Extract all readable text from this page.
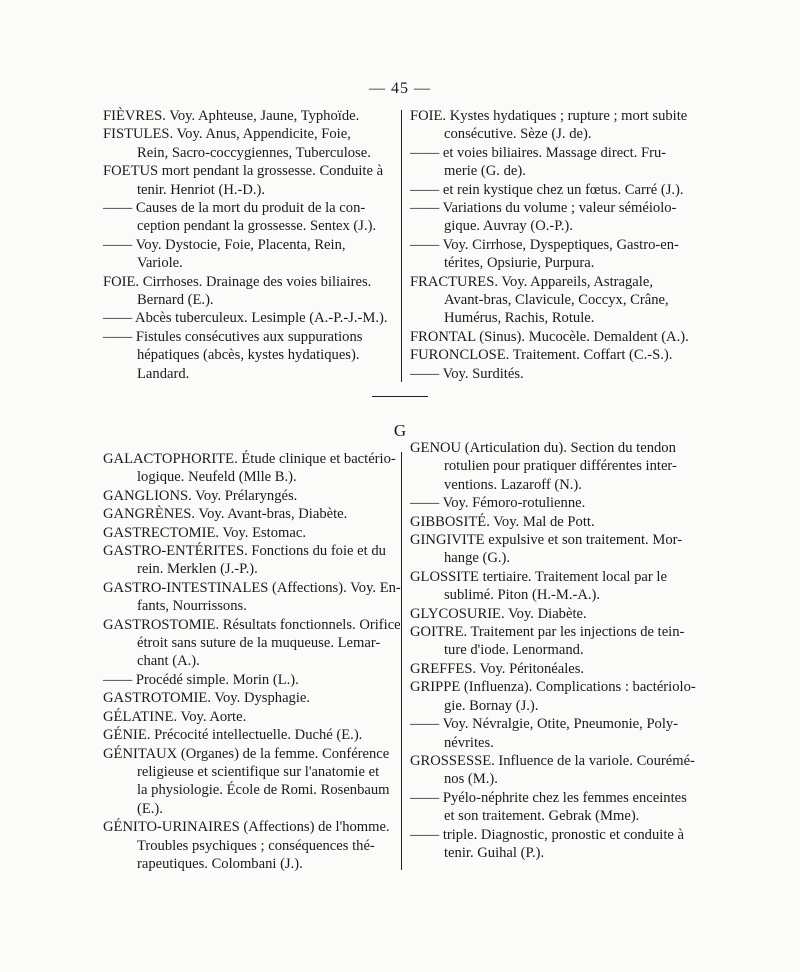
— 45 —
FIÈVRES. Voy. Aphteuse, Jaune, Typhoïde.
FISTULES. Voy. Anus, Appendicite, Foie,
Rein, Sacro-coccygiennes, Tuberculose.
FOETUS mort pendant la grossesse. Conduite à
tenir. Henriot (H.-D.).
—— Causes de la mort du produit de la con-
ception pendant la grossesse. Sentex (J.).
—— Voy. Dystocie, Foie, Placenta, Rein,
Variole.
FOIE. Cirrhoses. Drainage des voies biliaires.
Bernard (E.).
—— Abcès tuberculeux. Lesimple (A.-P.-J.-M.).
—— Fistules consécutives aux suppurations
hépatiques (abcès, kystes hydatiques).
Landard.
FOIE. Kystes hydatiques ; rupture ; mort subite
consécutive. Sèze (J. de).
—— et voies biliaires. Massage direct. Fru-
merie (G. de).
—— et rein kystique chez un fœtus. Carré (J.).
—— Variations du volume ; valeur séméiolo-
gique. Auvray (O.-P.).
—— Voy. Cirrhose, Dyspeptiques, Gastro-en-
térites, Opsiurie, Purpura.
FRACTURES. Voy. Appareils, Astragale,
Avant-bras, Clavicule, Coccyx, Crâne,
Humérus, Rachis, Rotule.
FRONTAL (Sinus). Mucocèle. Demaldent (A.).
FURONCLOSE. Traitement. Coffart (C.-S.).
—— Voy. Surdités.
G
GALACTOPHORITE. Étude clinique et bactério-
logique. Neufeld (Mlle B.).
GANGLIONS. Voy. Prélaryngés.
GANGRÈNES. Voy. Avant-bras, Diabète.
GASTRECTOMIE. Voy. Estomac.
GASTRO-ENTÉRITES. Fonctions du foie et du
rein. Merklen (J.-P.).
GASTRO-INTESTINALES (Affections). Voy. En-
fants, Nourrissons.
GASTROSTOMIE. Résultats fonctionnels. Orifice
étroit sans suture de la muqueuse. Lemar-
chant (A.).
—— Procédé simple. Morin (L.).
GASTROTOMIE. Voy. Dysphagie.
GÉLATINE. Voy. Aorte.
GÉNIE. Précocité intellectuelle. Duché (E.).
GÉNITAUX (Organes) de la femme. Conférence
religieuse et scientifique sur l'anatomie et
la physiologie. École de Romi. Rosenbaum
(E.).
GÉNITO-URINAIRES (Affections) de l'homme.
Troubles psychiques ; conséquences thé-
rapeutiques. Colombani (J.).
GENOU (Articulation du). Section du tendon
rotulien pour pratiquer différentes inter-
ventions. Lazaroff (N.).
—— Voy. Fémoro-rotulienne.
GIBBOSITÉ. Voy. Mal de Pott.
GINGIVITE expulsive et son traitement. Mor-
hange (G.).
GLOSSITE tertiaire. Traitement local par le
sublimé. Piton (H.-M.-A.).
GLYCOSURIE. Voy. Diabète.
GOITRE. Traitement par les injections de tein-
ture d'iode. Lenormand.
GREFFES. Voy. Péritonéales.
GRIPPE (Influenza). Complications : bactériolo-
gie. Bornay (J.).
—— Voy. Névralgie, Otite, Pneumonie, Poly-
névrites.
GROSSESSE. Influence de la variole. Courémé-
nos (M.).
—— Pyélo-néphrite chez les femmes enceintes
et son traitement. Gebrak (Mme).
—— triple. Diagnostic, pronostic et conduite à
tenir. Guihal (P.).
